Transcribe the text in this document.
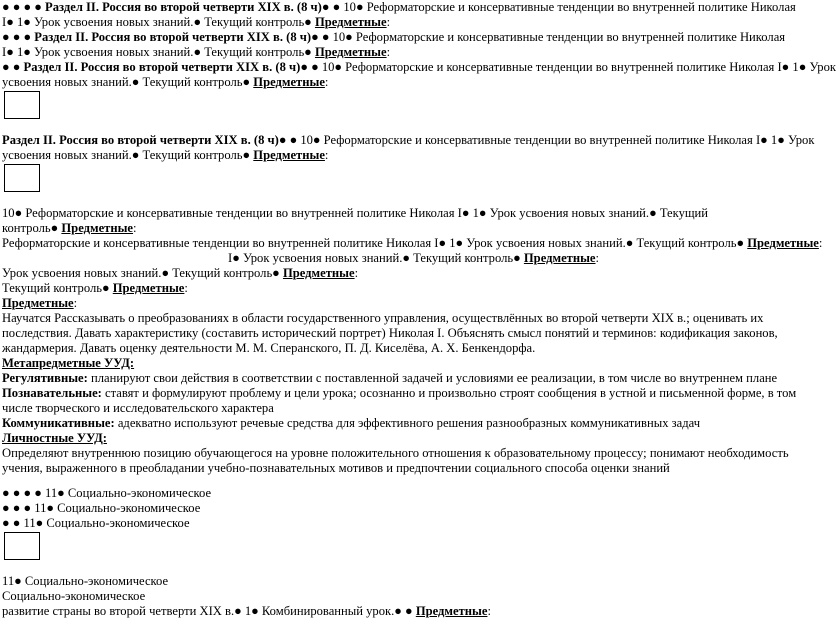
● ● ● ● Раздел II. Россия во второй четверти XIX в. (8 ч)● ● 10● Реформаторские и консервативные тенденции во внутренней политике Николая
I● 1● Урок усвоения новых знаний.● Текущий контроль● Предметные:
● ● ● Раздел II. Россия во второй четверти XIX в. (8 ч)● ● 10● Реформаторские и консервативные тенденции во внутренней политике Николая
I● 1● Урок усвоения новых знаний.● Текущий контроль● Предметные:
● ● Раздел II. Россия во второй четверти XIX в. (8 ч)● ● 10● Реформаторские и консервативные тенденции во внутренней политике Николая I● 1● Урок
усвоения новых знаний.● Текущий контроль● Предметные:
Раздел II. Россия во второй четверти XIX в. (8 ч)● ● 10● Реформаторские и консервативные тенденции во внутренней политике Николая I● 1● Урок
усвоения новых знаний.● Текущий контроль● Предметные:
10● Реформаторские и консервативные тенденции во внутренней политике Николая I● 1● Урок усвоения новых знаний.● Текущий
контроль● Предметные:
Реформаторские и консервативные тенденции во внутренней политике Николая I● 1● Урок усвоения новых знаний.● Текущий контроль● Предметные:
I● Урок усвоения новых знаний.● Текущий контроль● Предметные:
Урок усвоения новых знаний.● Текущий контроль● Предметные:
Текущий контроль● Предметные:
Предметные:
Научатся Рассказывать о преобразованиях в области государственного управления, осуществлённых во второй четверти XIX в.; оценивать их последствия. Давать характеристику (составить исторический портрет) Николая I. Объяснять смысл понятий и терминов: кодификация законов, жандармерия. Давать оценку деятельности М. М. Сперанского, П. Д. Киселёва, А. Х. Бенкендорфа.
Метапредметные УУД:
Регулятивные: планируют свои действия в соответствии с поставленной задачей и условиями ее реализации, в том числе во внутреннем плане
Познавательные: ставят и формулируют проблему и цели урока; осознанно и произвольно строят сообщения в устной и письменной форме, в том числе творческого и исследовательского характера
Коммуникативные: адекватно используют речевые средства для эффективного решения разнообразных коммуникативных задач
Личностные УУД:
Определяют внутреннюю позицию обучающегося на уровне положительного отношения к образовательному процессу; понимают необходимость учения, выраженного в преобладании учебно-познавательных мотивов и предпочтении социального способа оценки знаний
● ● ● ● 11● Социально-экономическое
● ● ● 11● Социально-экономическое
● ● 11● Социально-экономическое
11● Социально-экономическое
Социально-экономическое
развитие страны во второй четверти XIX в.● 1● Комбинированный урок.● ● Предметные:
